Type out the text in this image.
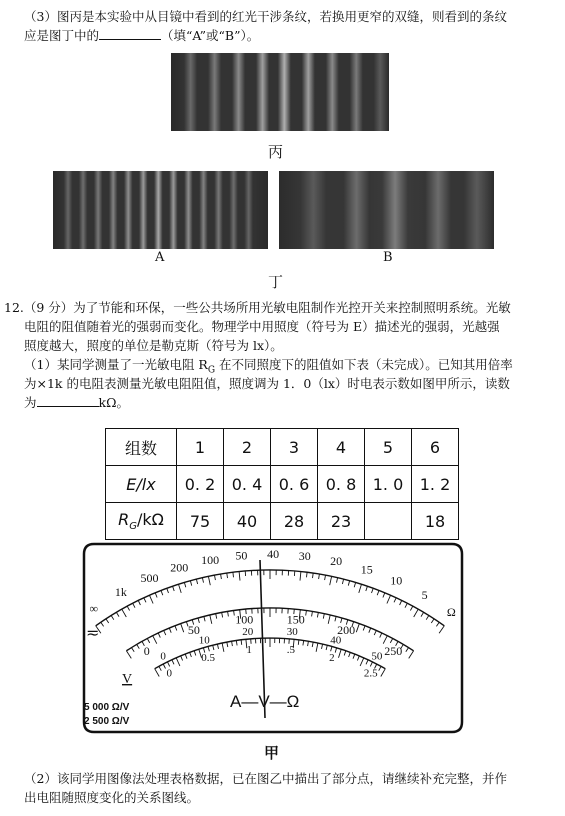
（3）图丙是本实验中从目镜中看到的红光干涉条纹，若换用更窄的双缝，则看到的条纹
应是图丁中的	（填“A”或“B”）。
丙
A	B
丁
12.（9 分）为了节能和环保，一些公共场所用光敏电阻制作光控开关来控制照明系统。光敏
电阻的阻值随着光的强弱而变化。物理学中用照度（符号为 E）描述光的强弱，光越强
照度越大，照度的单位是勒克斯（符号为 lx）。
（1）某同学测量了一光敏电阻 $R_G$ 在不同照度下的阻值如下表（未完成）。已知其用倍率
为×1k 的电阻表测量光敏电阻阻值，照度调为 1．0（lx）时电表示数如图甲所示，读数
为	kΩ。
组数	1	2	3	4	5	6
E/lx	0. 2	0. 4	0. 6	0. 8	1. 0	1. 2
$R_G/k\Omega$	75	40	28	23		18
∞
1k
500
200
100 50 40 30 20
15
10
5
Ω
0
50
100	150
200
250
0
10
20	30
40
50
0
0.5
1	.5
2
2.5
≂
V
5 000 Ω/V
2 500 Ω/V
A—V—Ω
甲
（2）该同学用图像法处理表格数据，已在图乙中描出了部分点，请继续补充完整，并作
出电阻随照度变化的关系图线。
